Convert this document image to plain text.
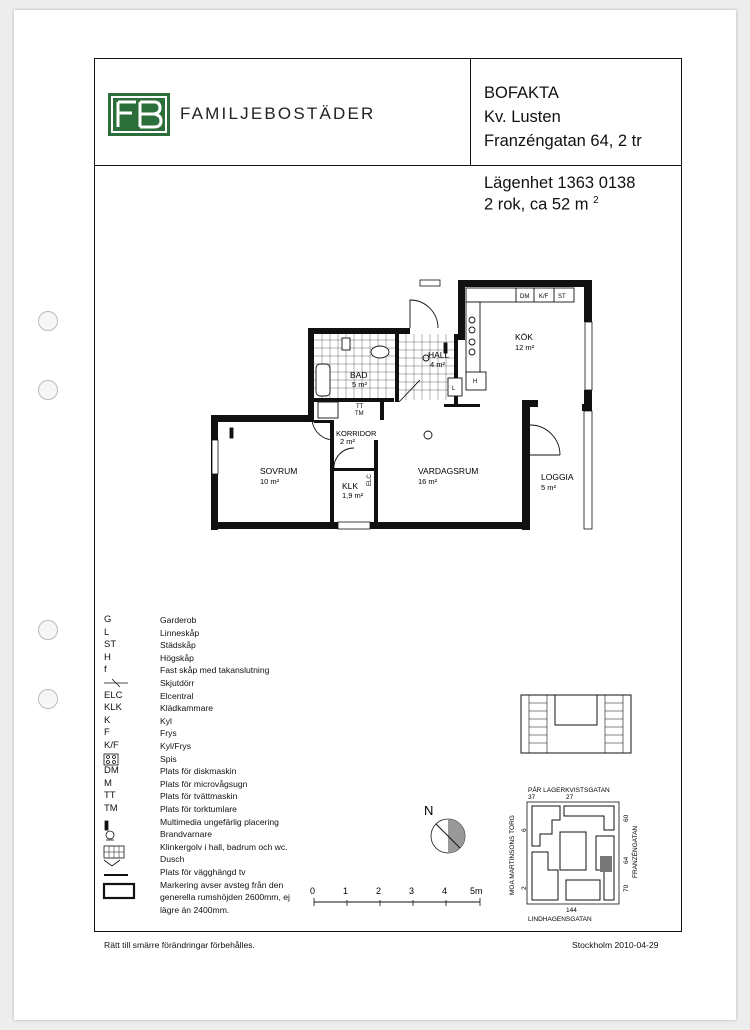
FAMILJEBOSTÄDER
BOFAKTA
Kv. Lusten
Franzéngatan 64, 2 tr
Lägenhet 1363 0138
2 rok, ca 52 m $^2$
BAD
5 m²
HALL
4 m²
KÖK
12 m²
KORRIDOR
2 m²
SOVRUM
10 m²	KLK
1,9 m²
VARDAGSRUM
16 m²	LOGGIA
5 m²
DM K/F ST
L
H
TT
TM
ELC
N
0	1	2	3	4	5m
PÅR LAGERKVISTSGATAN
LINDHAGENSGATAN
MOA MARTINSONS TORG	FRANZÉNGATAN
37	27
144
6
2
60
64
70
G	Garderob
L	Linneskåp
ST	Städskåp
H	Högskåp
f	Fast skåp med takanslutning
Skjutdörr
ELC	Elcentral
KLK	Klädkammare
K	Kyl
F	Frys
K/F	Kyl/Frys
Spis
DM	Plats för diskmaskin
M	Plats för microvågsugn
TT	Plats för tvättmaskin
TM	Plats för torktumlare
Multimedia ungefärlig placering
Brandvarnare
Klinkergolv i hall, badrum och wc.
Dusch
Plats för vägghängd tv
Markering avser avsteg från den generella rumshöjden 2600mm, ej lägre än 2400mm.
Rätt till smärre förändringar förbehålles.	Stockholm 2010-04-29
